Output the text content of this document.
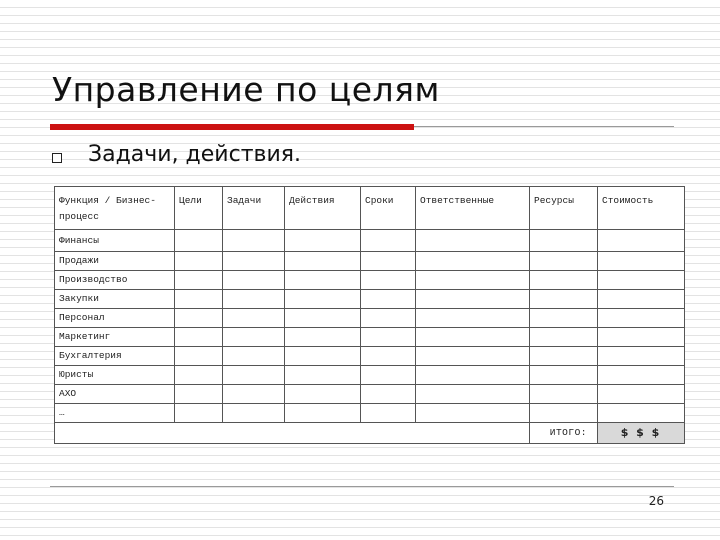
Управление по целям
Задачи, действия.
Функция / Бизнес-процесс	Цели	Задачи	Действия	Сроки	Ответственные	Ресурсы	Стоимость
Финансы							
Продажи							
Производство							
Закупки							
Персонал							
Маркетинг							
Бухгалтерия							
Юристы							
АХО							
…							
						ИТОГО:	$ $ $
26
